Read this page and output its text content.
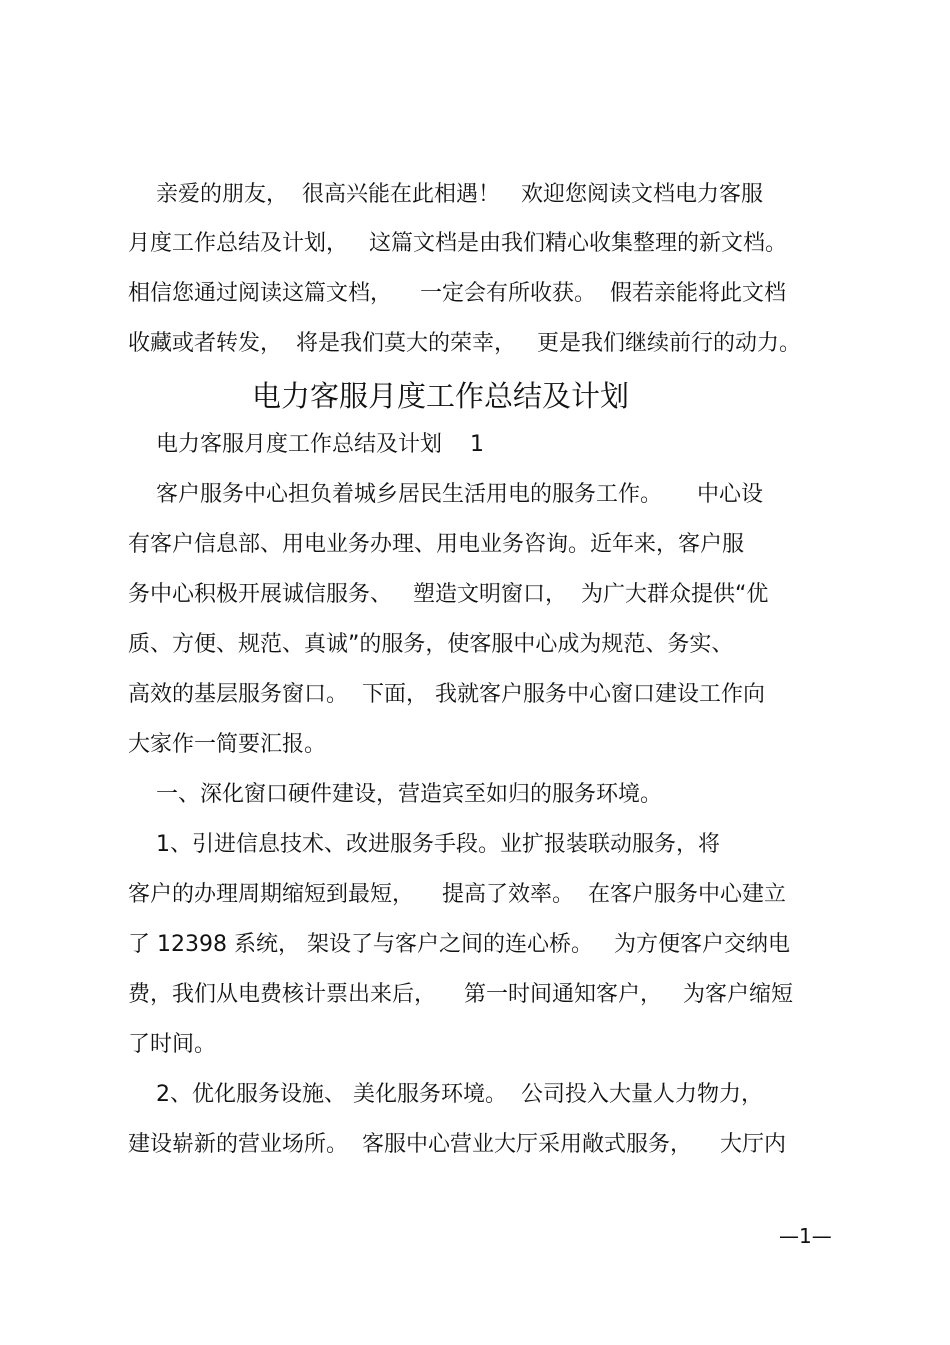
亲爱的朋友，  很高兴能在此相遇！   欢迎您阅读文档电力客服
月度工作总结及计划，   这篇文档是由我们精心收集整理的新文档。
相信您通过阅读这篇文档，    一定会有所收获。  假若亲能将此文档
收藏或者转发，  将是我们莫大的荣幸，   更是我们继续前行的动力。
电力客服月度工作总结及计划
电力客服月度工作总结及计划    1
客户服务中心担负着城乡居民生活用电的服务工作。     中心设
有客户信息部、用电业务办理、用电业务咨询。近年来，客户服
务中心积极开展诚信服务、   塑造文明窗口，  为广大群众提供“优
质、方便、规范、真诚”的服务，使客服中心成为规范、务实、
高效的基层服务窗口。  下面， 我就客户服务中心窗口建设工作向
大家作一简要汇报。
一、深化窗口硬件建设，营造宾至如归的服务环境。
1、引进信息技术、改进服务手段。业扩报装联动服务，将
客户的办理周期缩短到最短，    提高了效率。  在客户服务中心建立
了 12398 系统， 架设了与客户之间的连心桥。   为方便客户交纳电
费，我们从电费核计票出来后，    第一时间通知客户，   为客户缩短
了时间。
2、优化服务设施、 美化服务环境。  公司投入大量人力物力，
建设崭新的营业场所。  客服中心营业大厅采用敞式服务，    大厅内
—1—
